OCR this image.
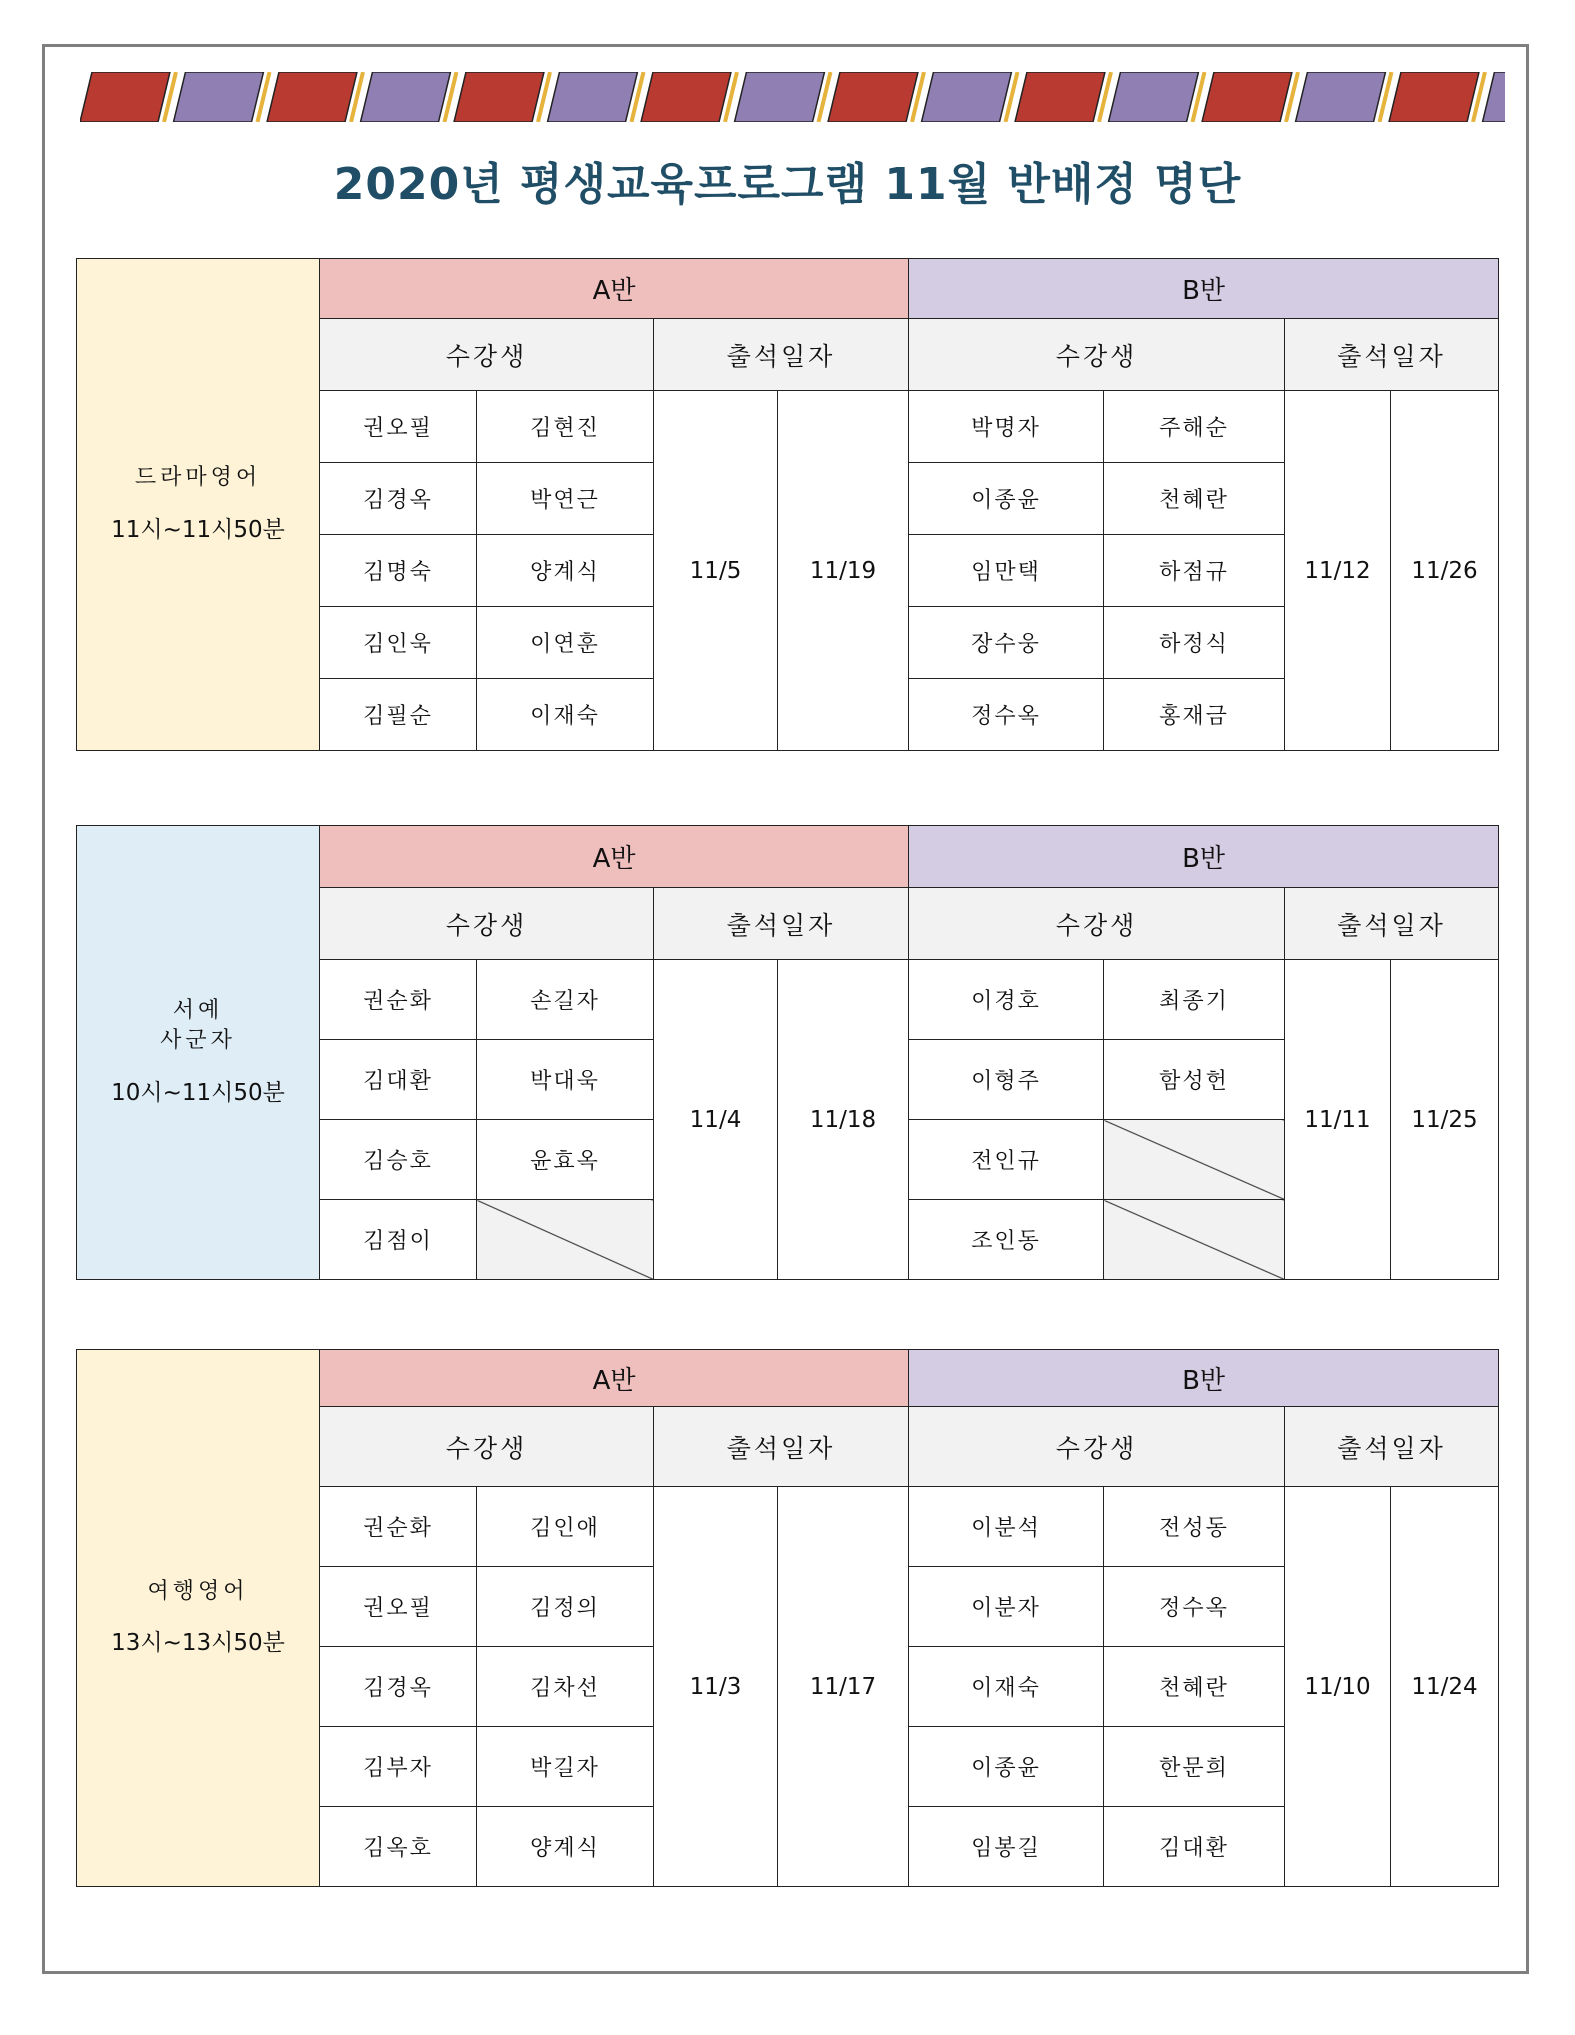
2020년 평생교육프로그램 11월 반배정 명단
드라마영어
11시~11시50분	A반				B반			
	수강생		출석일자		수강생		출석일자	
	권오필	김현진	11/5	11/19	박명자	주해순	11/12	11/26
	김경옥	박연근			이종윤	천혜란		
	김명숙	양계식			임만택	하점규		
	김인욱	이연훈			장수웅	하정식		
	김필순	이재숙			정수옥	홍재금		
서예
사군자
10시~11시50분	A반				B반			
	수강생		출석일자		수강생		출석일자	
	권순화	손길자	11/4	11/18	이경호	최종기	11/11	11/25
	김대환	박대욱			이형주	함성헌		
	김승호	윤효옥			전인규			
	김점이				조인동			
여행영어
13시~13시50분	A반				B반			
	수강생		출석일자		수강생		출석일자	
	권순화	김인애	11/3	11/17	이분석	전성동	11/10	11/24
	권오필	김정의			이분자	정수옥		
	김경옥	김차선			이재숙	천혜란		
	김부자	박길자			이종윤	한문희		
	김옥호	양계식			임봉길	김대환		
